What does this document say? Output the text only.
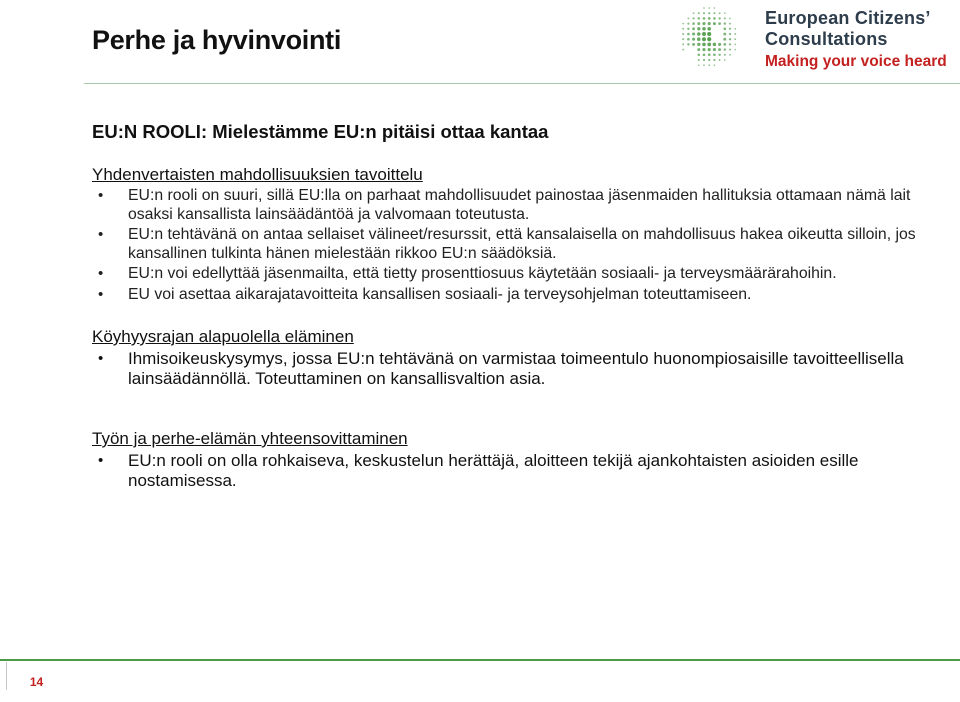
Perhe ja hyvinvointi
European Citizens’
Consultations
Making your voice heard
EU:N ROOLI: Mielestämme EU:n pitäisi ottaa kantaa
Yhdenvertaisten mahdollisuuksien tavoittelu
• EU:n rooli on suuri, sillä EU:lla on parhaat mahdollisuudet painostaa jäsenmaiden hallituksia ottamaan nämä lait osaksi kansallista lainsäädäntöä ja valvomaan toteutusta.
• EU:n tehtävänä on antaa sellaiset välineet/resurssit, että kansalaisella on mahdollisuus hakea oikeutta silloin, jos kansallinen tulkinta hänen mielestään rikkoo EU:n säädöksiä.
• EU:n voi edellyttää jäsenmailta, että tietty prosenttiosuus käytetään sosiaali- ja terveysmäärärahoihin.
• EU voi asettaa aikarajatavoitteita kansallisen sosiaali- ja terveysohjelman toteuttamiseen.
Köyhyysrajan alapuolella eläminen
• Ihmisoikeuskysymys, jossa EU:n tehtävänä on varmistaa toimeentulo huonompiosaisille tavoitteellisella lainsäädännöllä. Toteuttaminen on kansallisvaltion asia.
Työn ja perhe-elämän yhteensovittaminen
• EU:n rooli on olla rohkaiseva, keskustelun herättäjä, aloitteen tekijä ajankohtaisten asioiden esille nostamisessa.
14
